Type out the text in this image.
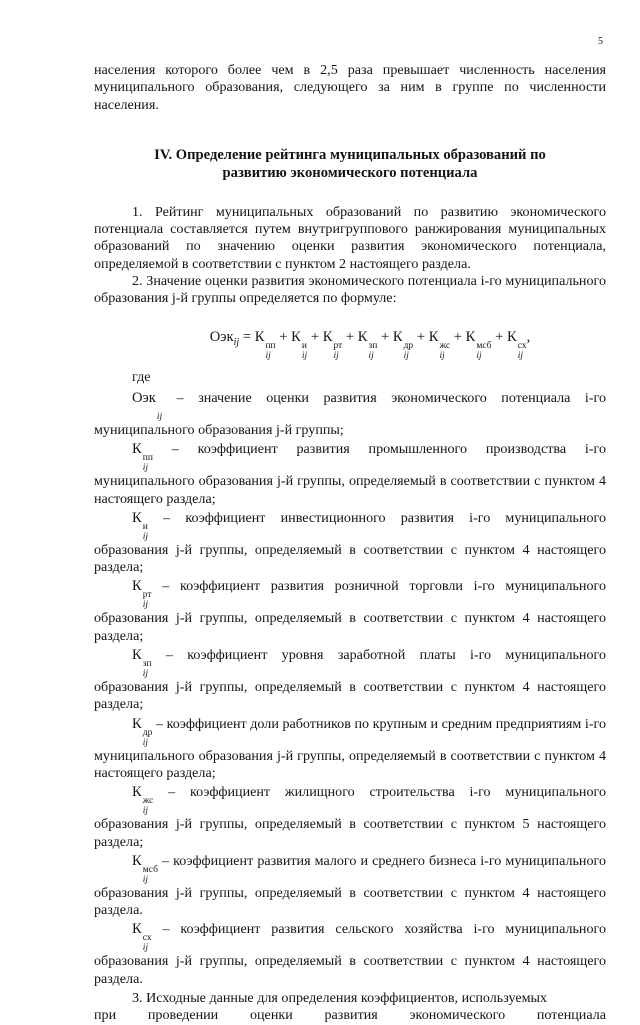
5

населения которого более чем в 2,5 раза превышает численность населения муниципального образования, следующего за ним в группе по численности населения.

IV. Определение рейтинга муниципальных образований по
развитию экономического потенциала

1. Рейтинг муниципальных образований по развитию экономического потенциала составляется путем внутригруппового ранжирования муниципальных образований по значению оценки развития экономического потенциала, определяемой в соответствии с пунктом 2 настоящего раздела.

2. Значение оценки развития экономического потенциала i-го муниципального образования j-й группы определяется по формуле:

Оэк$_{ij}$ = К
пп
ij
+ К
и
ij
+ К
рт
ij
+ К
зп
ij
+ К
др
ij
+ К
жс
ij
+ К
мсб
ij
+ К
сх
ij
,

где

Оэк

ij
– значение оценки развития экономического потенциала i-го муниципального образования j-й группы;

К
пп
ij
– коэффициент развития промышленного производства i-го муниципального образования j-й группы, определяемый в соответствии с пунктом 4 настоящего раздела;

К
и
ij
– коэффициент инвестиционного развития i-го муниципального образования j-й группы, определяемый в соответствии с пунктом 4 настоящего раздела;

К
рт
ij
– коэффициент развития розничной торговли i-го муниципального образования j-й группы, определяемый в соответствии с пунктом 4 настоящего раздела;

К
зп
ij
– коэффициент уровня заработной платы i-го муниципального образования j-й группы, определяемый в соответствии с пунктом 4 настоящего раздела;

К
др
ij
– коэффициент доли работников по крупным и средним предприятиям i-го муниципального образования j-й группы, определяемый в соответствии с пунктом 4 настоящего раздела;

К
жс
ij
– коэффициент жилищного строительства i-го муниципального образования j-й группы, определяемый в соответствии с пунктом 5 настоящего раздела;

К
мсб
ij
– коэффициент развития малого и среднего бизнеса i-го муниципального образования j-й группы, определяемый в соответствии с пунктом 4 настоящего раздела.

К
сх
ij
– коэффициент развития сельского хозяйства i-го муниципального образования j-й группы, определяемый в соответствии с пунктом 4 настоящего раздела.

3. Исходные данные для определения коэффициентов, используемых

при проведении оценки развития экономического потенциала
